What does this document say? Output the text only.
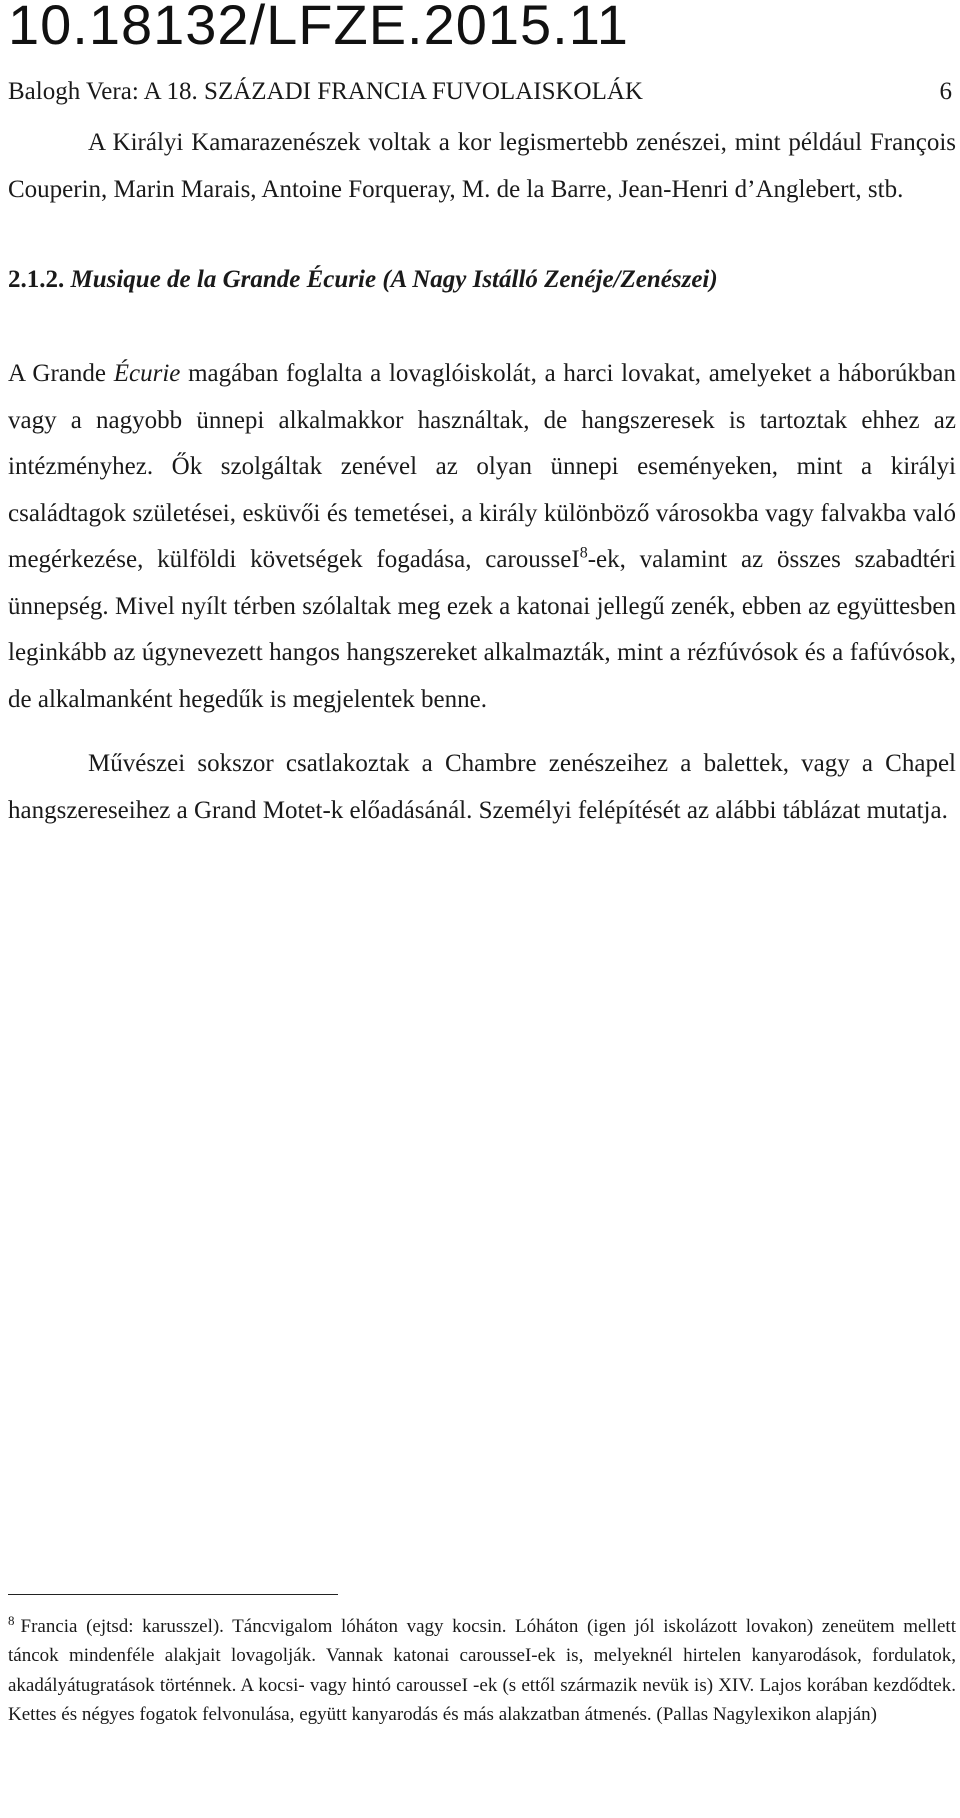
10.18132/LFZE.2015.11
Balogh Vera: A 18. SZÁZADI FRANCIA FUVOLAISKOLÁK	6

A Királyi Kamarazenészek voltak a kor legismertebb zenészei, mint például François Couperin, Marin Marais, Antoine Forqueray, M. de la Barre, Jean-Henri d’Anglebert, stb.

2.1.2. Musique de la Grande Écurie (A Nagy Istálló Zenéje/Zenészei)

A Grande Écurie magában foglalta a lovaglóiskolát, a harci lovakat, amelyeket a háborúkban vagy a nagyobb ünnepi alkalmakkor használtak, de hangszeresek is tartoztak ehhez az intézményhez. Ők szolgáltak zenével az olyan ünnepi eseményeken, mint a királyi családtagok születései, esküvői és temetései, a király különböző városokba vagy falvakba való megérkezése, külföldi követségek fogadása, carousseI$^8$-ek, valamint az összes szabadtéri ünnepség. Mivel nyílt térben szólaltak meg ezek a katonai jellegű zenék, ebben az együttesben leginkább az úgynevezett hangos hangszereket alkalmazták, mint a rézfúvósok és a fafúvósok, de alkalmanként hegedűk is megjelentek benne.

Művészei sokszor csatlakoztak a Chambre zenészeihez a balettek, vagy a Chapel hangszereseihez a Grand Motet-k előadásánál. Személyi felépítését az alábbi táblázat mutatja.

$^8$ Francia (ejtsd: karusszel). Táncvigalom lóháton vagy kocsin. Lóháton (igen jól iskolázott lovakon) zeneütem mellett táncok mindenféle alakjait lovagolják. Vannak katonai carousseI-ek is, melyeknél hirtelen kanyarodások, fordulatok, akadályátugratások történnek. A kocsi- vagy hintó carousseI -ek (s ettől származik nevük is) XIV. Lajos korában kezdődtek. Kettes és négyes fogatok felvonulása, együtt kanyarodás és más alakzatban átmenés. (Pallas Nagylexikon alapján)
